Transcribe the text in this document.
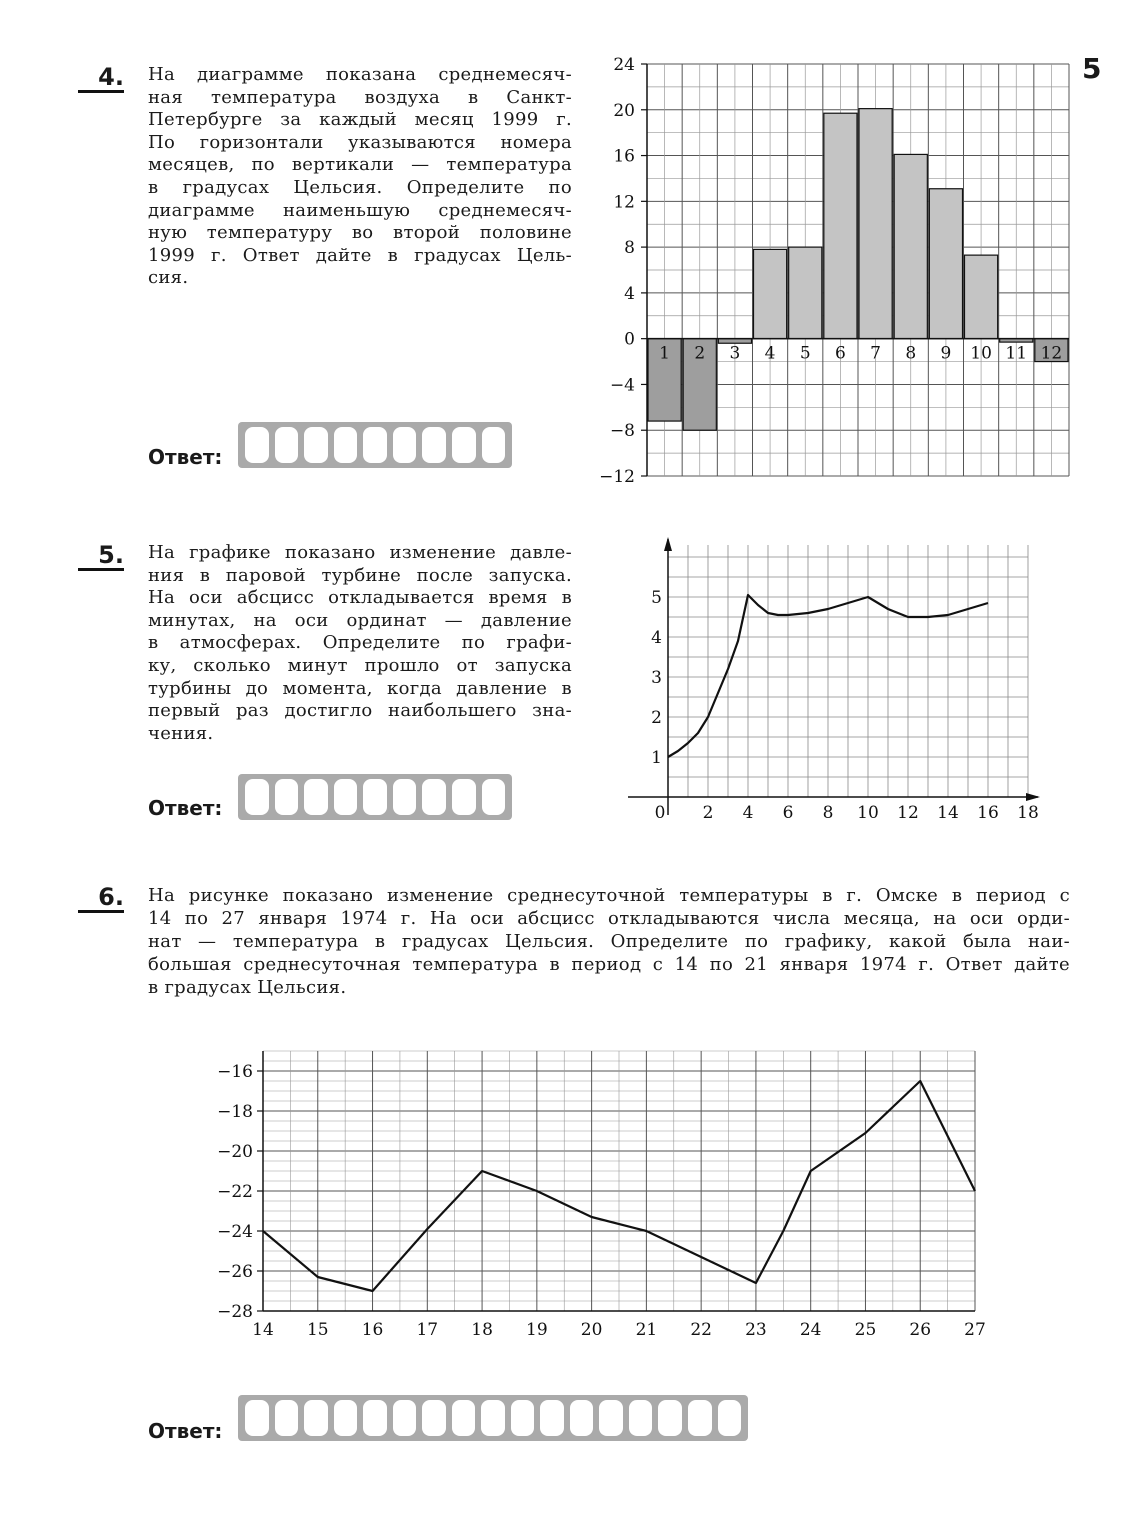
5
4. На диаграмме показана среднемесяч-
ная температура воздуха в Санкт-
Петербурге за каждый месяц 1999 г.
По горизонтали указываются номера
месяцев, по вертикали — температура
в градусах Цельсия. Определите по
диаграмме наименьшую среднемесяч-
ную температуру во второй половине
1999 г. Ответ дайте в градусах Цель-
сия.
Ответ:
1 2 3 4 5 6 7 8 9 10 11 12
24
20
16
12
8
4
0
−4
−8
−12
5. На графике показано изменение давле-
ния в паровой турбине после запуска.
На оси абсцисс откладывается время в
минутах, на оси ординат — давление
в атмосферах. Определите по графи-
ку, сколько минут прошло от запуска
турбины до момента, когда давление в
первый раз достигло наибольшего зна-
чения.
Ответ:	0 2 4 6 8 10 12 14 16 18
1
2
3
4
5
6. На рисунке показано изменение среднесуточной температуры в г. Омске в период с
14 по 27 января 1974 г. На оси абсцисс откладываются числа месяца, на оси орди-
нат — температура в градусах Цельсия. Определите по графику, какой была наи-
большая среднесуточная температура в период с 14 по 21 января 1974 г. Ответ дайте
в градусах Цельсия.
Ответ:
14 15 16 17 18 19 20 21 22 23 24 25 26 27
−16
−18
−20
−22
−24
−26
−28
